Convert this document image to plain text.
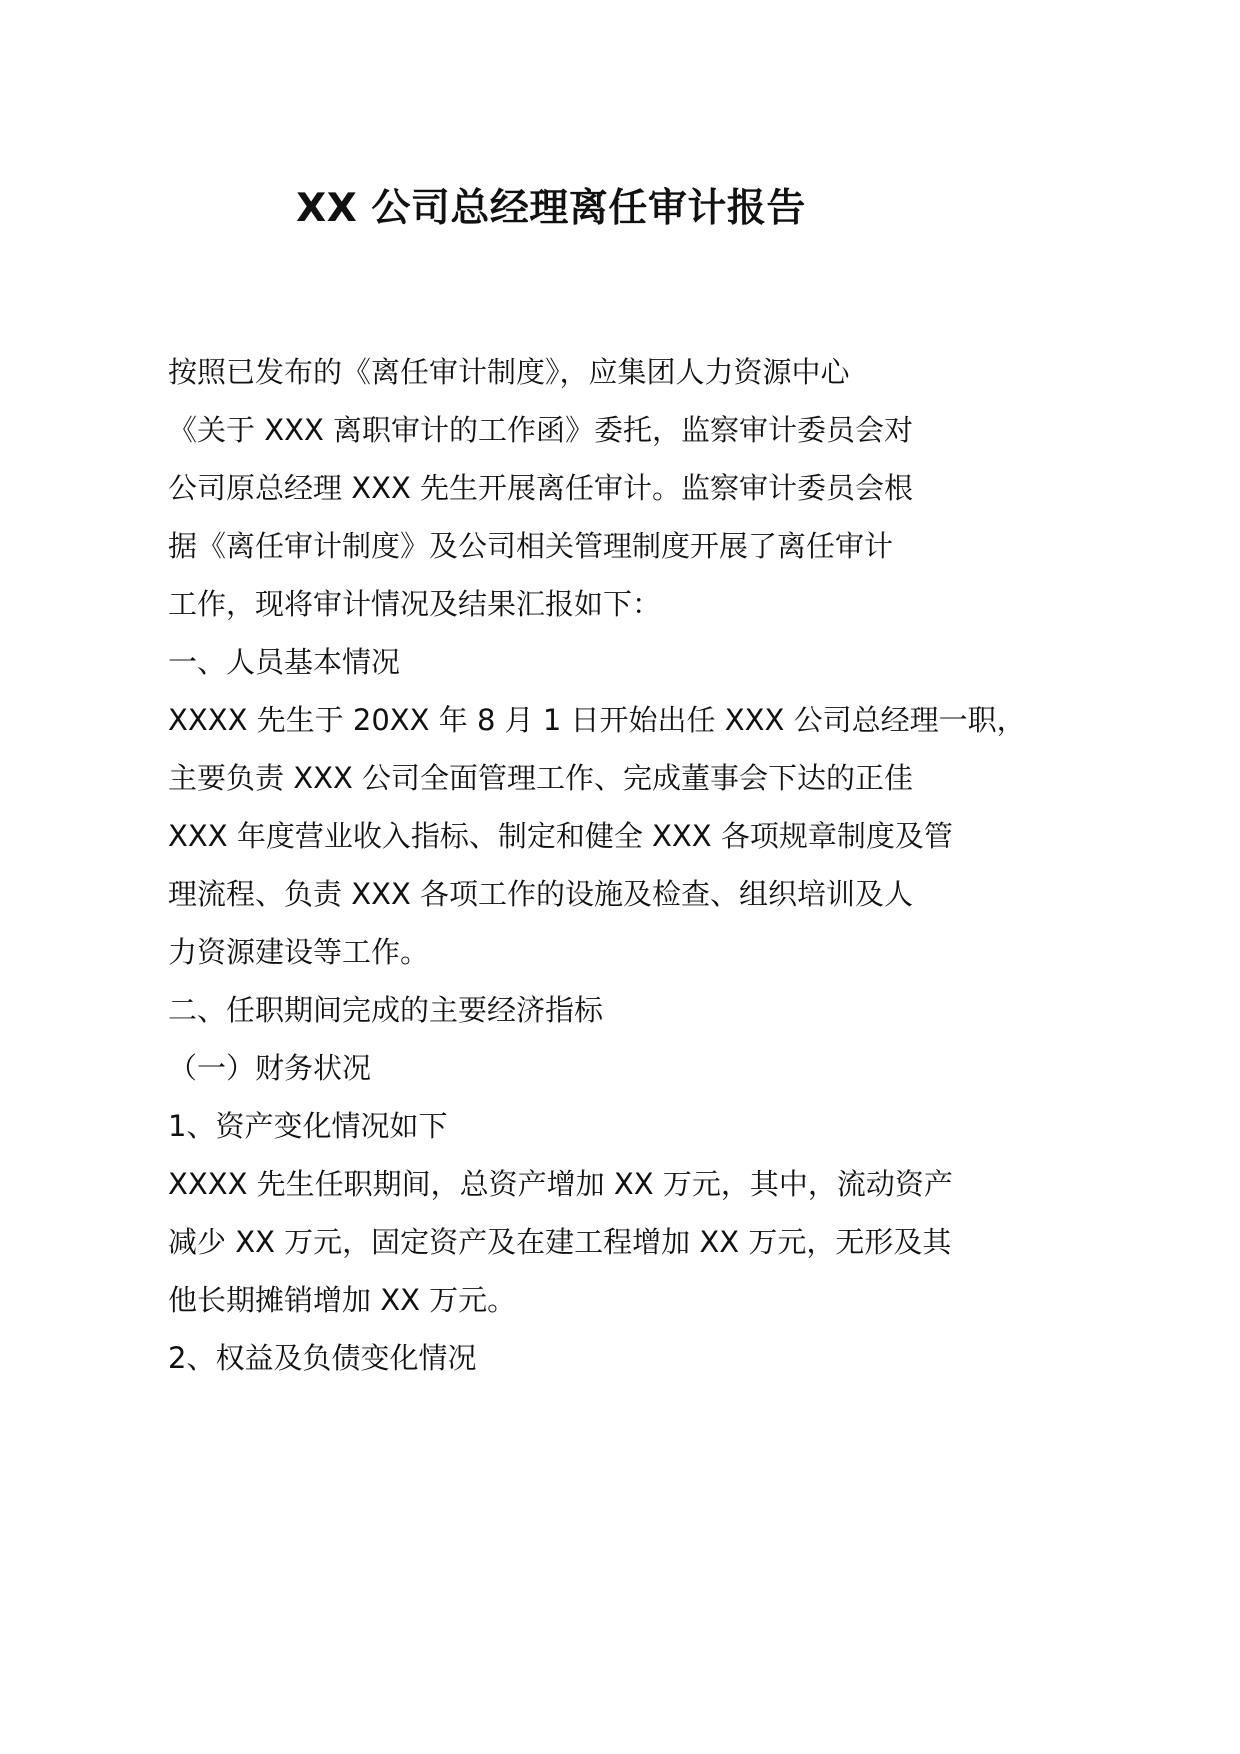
XX 公司总经理离任审计报告
按照已发布的《离任审计制度》，应集团人力资源中心
《关于 XXX 离职审计的工作函》委托，监察审计委员会对
公司原总经理 XXX 先生开展离任审计。监察审计委员会根
据《离任审计制度》及公司相关管理制度开展了离任审计
工作，现将审计情况及结果汇报如下：
一、人员基本情况
XXXX 先生于 20XX 年 8 月 1 日开始出任 XXX 公司总经理一职，
主要负责 XXX 公司全面管理工作、完成董事会下达的正佳
XXX 年度营业收入指标、制定和健全 XXX 各项规章制度及管
理流程、负责 XXX 各项工作的设施及检查、组织培训及人
力资源建设等工作。
二、任职期间完成的主要经济指标
（一）财务状况
1、资产变化情况如下
XXXX 先生任职期间，总资产增加 XX 万元，其中，流动资产
减少 XX 万元，固定资产及在建工程增加 XX 万元，无形及其
他长期摊销增加 XX 万元。
2、权益及负债变化情况
